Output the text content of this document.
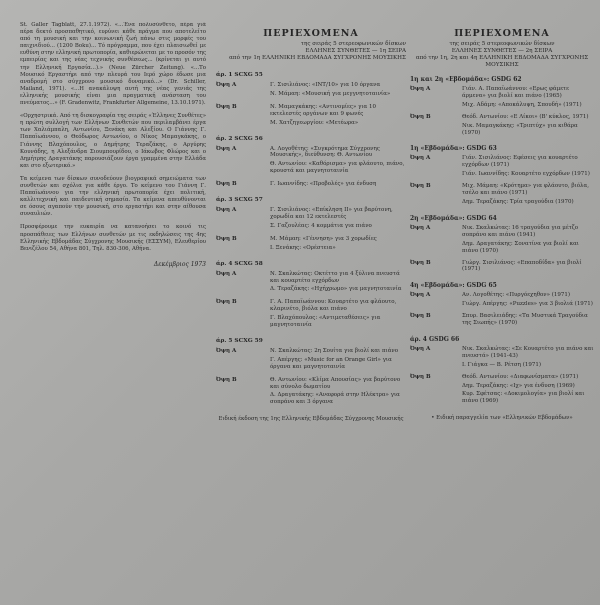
St. Galler Tagblatt, 27.1.1972). «...Ένα πολυσύνθετο, πέρα γιά πέρα δεκτό προσπαθητικό, ευρύνει κάθε πράγμα που αποτελείτο από τη μουσική και την κοινωνική ζωή πάνω στις μορφές του παιχνιδιού... (1200 Boku)... Τό πρόγραμμα, που έχει πλαισιωθεί με ευθύνη στην ελληνική πρωτοπορία, καθιερώνεται με το προσόν της εμπειρίας και της νέας τεχνικής συνθέσεως... (κρίνεται γι αυτό την Ελληνική Εργασία...).» (Neue Zürcher Zeitung). «...Το Μουσικό Εργαστήρι από την πλευρά του Ιερό χώρο έδωσε μια αναδρομή στο σύγχρονο μουσικό δυναμικό...» (Dr. Schiller, Mailand, 1971). «...Η ανακάλυψη αυτή της νέας γενιάς της ελληνικής μουσικής είναι μια πραγματική ανάσταση του πνεύματος...» (F. Gradenwitz, Frankfurter Allgemeine, 13.10.1971).

«Ορχηστρικά. Από τη δισκογραφία της σειράς «Έλληνες Συνθέτες» η πρώτη συλλογή των Ελλήνων Συνθετών που περιλαμβάνει έργα των Χαλιάμπαλη, Αντωνίου, Ξενάκη και Αλεξίου. Ο Γιάννης Γ. Παπαϊωάννου, ο Θεόδωρος Αντωνίου, ο Νίκος Μαμαγκάκης, ο Γιάννης Βλαχόπουλος, ο Δημήτρης Τεραζάκης, ο Αργύρης Κουνάδης, η Αλεξάνδρα Σιουμπουρίδου, ο Ιάκωβος Φλώρος και ο Δημήτρης Δραγατάκης παρουσιάζουν έργα γραμμένα στην Ελλάδα και στο εξωτερικό.»

Τα κείμενα των δίσκων συνοδεύουν βιογραφικά σημειώματα των συνθετών και σχόλια για κάθε έργο. Το κείμενο του Γιάννη Γ. Παπαϊωάννου για την ελληνική πρωτοπορία έχει πολιτική, καλλιτεχνική και παιδευτική σημασία. Τα κείμενα απευθύνονται σε όσους αγαπούν την μουσική, στο εργαστήρι και στην αίθουσα συναυλιών.

Προσφέρουμε την ευκαιρία να κατανοήσει το κοινό τις προσπάθειες των Ελλήνων συνθετών με τις εκδηλώσεις της 4ης Ελληνικής Εβδομάδας Σύγχρονης Μουσικής (ΕΣΣΥΜ), Ελευθερίου Βενιζέλου 54, Αθήνα 801, Τηλ. 830-306, Αθήνα.

Δεκέμβριος 1973
ΠΕΡΙΕΧΟΜΕΝΑ
της σειράς 5 στερεοφωνικών δίσκων
ΕΛΛΗΝΕΣ ΣΥΝΘΕΤΕΣ — 1η ΣΕΙΡΑ
από την 1η ΕΛΛΗΝΙΚΗ ΕΒΔΟΜΑΔΑ ΣΥΓΧΡΟΝΗΣ ΜΟΥΣΙΚΗΣ
άρ. 1 SCXG 55
Όψη Α	Γ. Σισιλιάνος: «ΙΝΤ/10» για 10 όργανα
Ν. Μάμαη: «Μουσική για μεγγνητοταινία»
Όψη Β	Ν. Μαμαγκάκης: «Αντινομίες» για 10 εκτελεστές οργάνων και 9 φωνές
Μ. Χατζηγεωργίου: «Μετέωρα»
άρ. 2 SCXG 56
Όψη Α	Α. Λογοθέτης: «Συγκρότημα Σύγχρονης Μουσικής», διεύθυνση: Θ. Αντωνίου
Θ. Αντωνίου: «Καθόρισμα» για φλάουτο, πιάνο, κρουστά και μαγνητοταινία
Όψη Β	Γ. Ιωαννίδης: «Προβολές» για ένδυση
άρ. 3 SCXG 57
Όψη Α	Γ. Σισιλιάνος: «Επίκληση II» για βαρύτονη, χορωδία και 12 εκτελεστές
Σ. Γαζουλέας: 4 κομμάτια για πιάνο
Όψη Β	Μ. Μάμαη: «Γέννηση» για 3 χορωδίες
Ι. Ξενάκης: «Ορέστεια»
άρ. 4 SCXG 58
Όψη Α	Ν. Σκαλκώτας: Οκτέττο για 4 ξύλινα πνευστά και κουαρτέτο εγχόρδων
Δ. Τεραζάκης: «Ηχήχρωμο» για μαγνητοταινία
Όψη Β	Γ. Α. Παπαϊωάννου: Κουαρτέτο για φλάουτο, κλαρινέτο, βιόλα και πιάνο
Γ. Βλαχόπουλος: «Αντιμεταθέσεις» για μαγνητοταινία
άρ. 5 SCXG 59
Όψη Α	Ν. Σκαλκώτας: 2η Σουίτα για βιολί και πιάνο
Γ. Απέργης: «Music for an Orange Girl» για όργανα και μαγνητοταινία
Όψη Β	Θ. Αντωνίου: «Κλίμα Απουσίας» για βαρύτονο και σύνολο δωματίου
Δ. Δραγατάκης: «Αναφορά στην Ηλέκτρα» για σοπράνο και 3 όργανα
Ειδική έκδοση της 1ης Ελληνικής Εβδομάδας Σύγχρονης Μουσικής
ΠΕΡΙΕΧΟΜΕΝΑ
της σειράς 5 στερεοφωνικών δίσκων
ΕΛΛΗΝΕΣ ΣΥΝΘΕΤΕΣ — 2η ΣΕΙΡΑ
από την 1η, 2η και 4η ΕΛΛΗΝΙΚΗ ΕΒΔΟΜΑΔΑ ΣΥΓΧΡΟΝΗΣ ΜΟΥΣΙΚΗΣ
1η και 2η «Εβδομάδα»: GSDG 62
Όψη Α	Γιάν. Α. Παπαϊωάννου: «Ερως φάμετε άρμενα» για βιολί και πιάνο (1965)
Μιχ. Αδάμη: «Αποκάλυψη, Σπουδή» (1971)
Όψη Β	Θεόδ. Αντωνίου: «Ε Λίκοι» (Β' κύκλος, 1971)
Νικ. Μαμαγκάκης: «Τριπτύχ» για κιθάρα (1970)
1η «Εβδομάδα»: GSDG 63
Όψη Α	Γιάν. Σισιλιάνος: Εφέσεις για κουαρτέτο εγχόρδων (1971)
Γιάν. Ιωαννίδης: Κουαρτέτο εγχόρδων (1971)
Όψη Β	Μιχ. Μάμαη: «Κρότημα» για φλάουτο, βιόλα, τσέλο και πιάνο (1971)
Δημ. Τεραζάκης: Τρία τραγούδια (1970)
2η «Εβδομάδα»: GSDG 64
Όψη Α	Νικ. Σκαλκώτας: 16 τραγούδια για μέτζο σοπράνο και πιάνο (1941)
Δημ. Δραγατάκης: Σονατίνα για βιολί και πιάνο (1970)
Όψη Β	Γιώργ. Σισιλιάνος: «Επαποδίδα» για βιολί (1971)
4η «Εβδομάδα»: GSDG 65
Όψη Α	Αν. Λογοθέτης: «Πυργόεχηθον» (1971)
Γιώργ. Απέργης: «Puzzles» για 3 βιολιά (1971)
Όψη Β	Σπυρ. Βασιλειάδης: «Τα Μυστικά Τραγούδια της Σιωπής» (1970)
άρ. 4 GSDG 66
Όψη Α	Νικ. Σκαλκώτας: «Σε Κουαρτέτο για πιάνο και πνευστά» (1941-43)
Ι. Γιάγκα — Β. Ρέτση (1971)
Όψη Β	Θεόδ. Αντωνίου: «Διαφωνίσματα» (1971)
Δημ. Τεραζάκης: «Ιχ» για ένδυση (1969)
Κυρ. Σφέτσας: «Δοκιμολογία» για βιολί και πιάνο (1969)
• Ειδική παραγγελία των «Ελληνικών Εβδομάδων»
